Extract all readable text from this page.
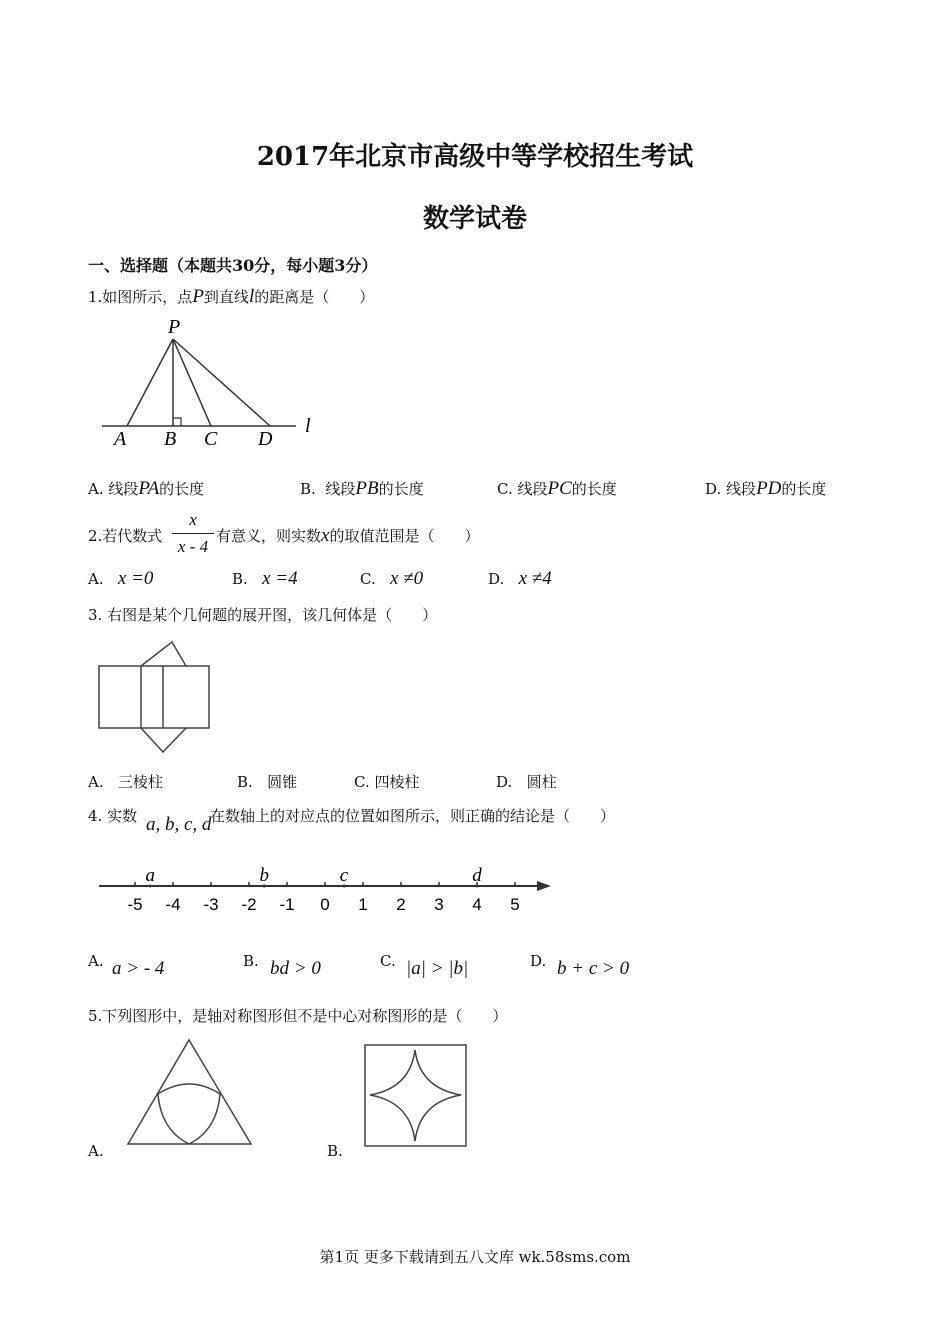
2017年北京市高级中等学校招生考试
数学试卷
一、选择题（本题共30分，每小题3分）
1.如图所示，点P到直线l的距离是（　　）
P
A B C D
l
A. 线段PA的长度	B. 线段PB的长度	C. 线段PC的长度	D. 线段PD的长度
2.若代数式
x
x - 4
有意义，则实数x的取值范围是（　　）
A. x =0	B. x =4	C. x ≠0	D. x ≠4
3. 右图是某个几何题的展开图，该几何体是（　　）
A. 三棱柱	B. 圆锥	C. 四棱柱	D. 圆柱
4. 实数 a, b, c, d
在数轴上的对应点的位置如图所示，则正确的结论是（　　）
-5 -4 -3 -2 -1 0 1 2 3 4 5
a	b	c	d
A. a > - 4	B. bd > 0	C. |a| > |b|	D. b + c > 0
5.下列图形中，是轴对称图形但不是中心对称图形的是（　　）
A.	B.
第1页 更多下载请到五八文库 wk.58sms.com
